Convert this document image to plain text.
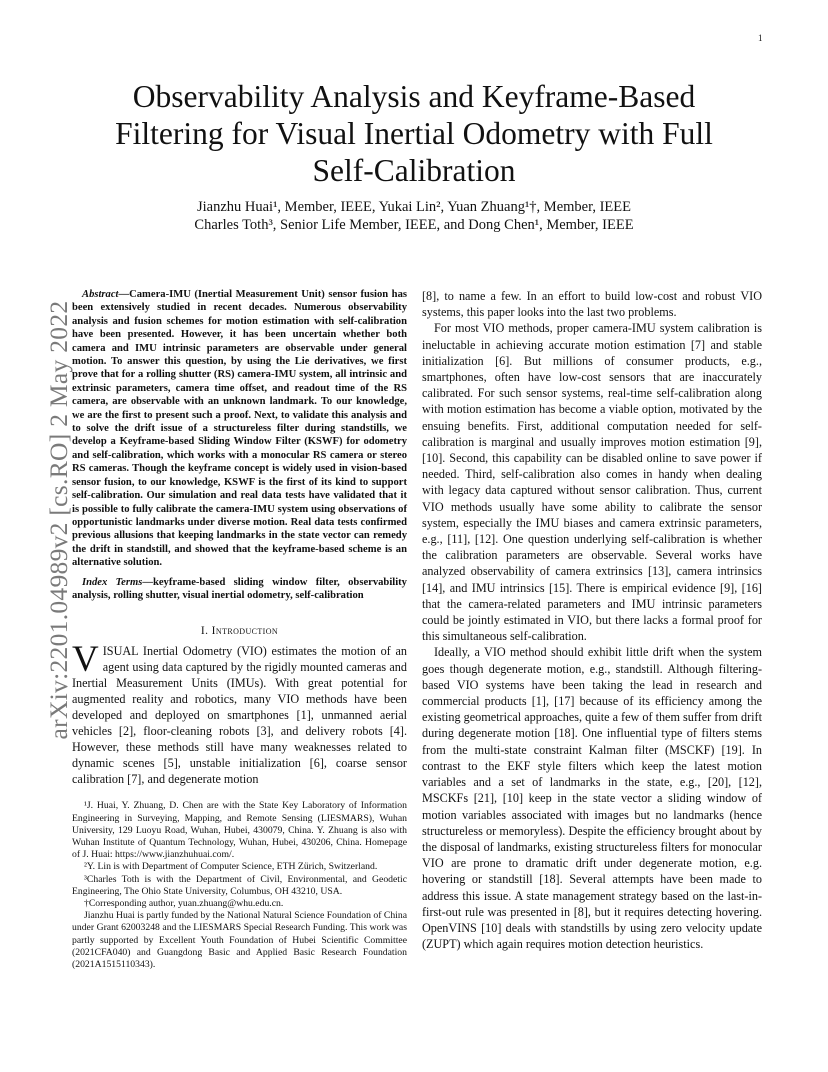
1
arXiv:2201.04989v2 [cs.RO] 2 May 2022
Observability Analysis and Keyframe-Based
Filtering for Visual Inertial Odometry with Full
Self-Calibration
Jianzhu Huai¹, Member, IEEE, Yukai Lin², Yuan Zhuang¹†, Member, IEEE
Charles Toth³, Senior Life Member, IEEE, and Dong Chen¹, Member, IEEE

Abstract—Camera-IMU (Inertial Measurement Unit) sensor fusion has been extensively studied in recent decades. Numerous observability analysis and fusion schemes for motion estimation with self-calibration have been presented. However, it has been uncertain whether both camera and IMU intrinsic parameters are observable under general motion. To answer this question, by using the Lie derivatives, we first prove that for a rolling shutter (RS) camera-IMU system, all intrinsic and extrinsic parameters, camera time offset, and readout time of the RS camera, are observable with an unknown landmark. To our knowledge, we are the first to present such a proof. Next, to validate this analysis and to solve the drift issue of a structureless filter during standstills, we develop a Keyframe-based Sliding Window Filter (KSWF) for odometry and self-calibration, which works with a monocular RS camera or stereo RS cameras. Though the keyframe concept is widely used in vision-based sensor fusion, to our knowledge, KSWF is the first of its kind to support self-calibration. Our simulation and real data tests have validated that it is possible to fully calibrate the camera-IMU system using observations of opportunistic landmarks under diverse motion. Real data tests confirmed previous allusions that keeping landmarks in the state vector can remedy the drift in standstill, and showed that the keyframe-based scheme is an alternative solution.

Index Terms—keyframe-based sliding window filter, observability analysis, rolling shutter, visual inertial odometry, self-calibration

I. Introduction

VISUAL Inertial Odometry (VIO) estimates the motion of an agent using data captured by the rigidly mounted cameras and Inertial Measurement Units (IMUs). With great potential for augmented reality and robotics, many VIO methods have been developed and deployed on smartphones [1], unmanned aerial vehicles [2], floor-cleaning robots [3], and delivery robots [4]. However, these methods still have many weaknesses related to dynamic scenes [5], unstable initialization [6], coarse sensor calibration [7], and degenerate motion

¹J. Huai, Y. Zhuang, D. Chen are with the State Key Laboratory of Information Engineering in Surveying, Mapping, and Remote Sensing (LIESMARS), Wuhan University, 129 Luoyu Road, Wuhan, Hubei, 430079, China. Y. Zhuang is also with Wuhan Institute of Quantum Technology, Wuhan, Hubei, 430206, China. Homepage of J. Huai: https://www.jianzhuhuai.com/.

²Y. Lin is with Department of Computer Science, ETH Zürich, Switzerland.

³Charles Toth is with the Department of Civil, Environmental, and Geodetic Engineering, The Ohio State University, Columbus, OH 43210, USA.

†Corresponding author, yuan.zhuang@whu.edu.cn.

Jianzhu Huai is partly funded by the National Natural Science Foundation of China under Grant 62003248 and the LIESMARS Special Research Funding. This work was partly supported by Excellent Youth Foundation of Hubei Scientific Committee (2021CFA040) and Guangdong Basic and Applied Basic Research Foundation (2021A1515110343).

[8], to name a few. In an effort to build low-cost and robust VIO systems, this paper looks into the last two problems.

For most VIO methods, proper camera-IMU system calibration is ineluctable in achieving accurate motion estimation [7] and stable initialization [6]. But millions of consumer products, e.g., smartphones, often have low-cost sensors that are inaccurately calibrated. For such sensor systems, real-time self-calibration along with motion estimation has become a viable option, motivated by the ensuing benefits. First, additional computation needed for self-calibration is marginal and usually improves motion estimation [9], [10]. Second, this capability can be disabled online to save power if needed. Third, self-calibration also comes in handy when dealing with legacy data captured without sensor calibration. Thus, current VIO methods usually have some ability to calibrate the sensor system, especially the IMU biases and camera extrinsic parameters, e.g., [11], [12]. One question underlying self-calibration is whether the calibration parameters are observable. Several works have analyzed observability of camera extrinsics [13], camera intrinsics [14], and IMU intrinsics [15]. There is empirical evidence [9], [16] that the camera-related parameters and IMU intrinsic parameters could be jointly estimated in VIO, but there lacks a formal proof for this simultaneous self-calibration.

Ideally, a VIO method should exhibit little drift when the system goes though degenerate motion, e.g., standstill. Although filtering-based VIO systems have been taking the lead in research and commercial products [1], [17] because of its efficiency among the existing geometrical approaches, quite a few of them suffer from drift during degenerate motion [18]. One influential type of filters stems from the multi-state constraint Kalman filter (MSCKF) [19]. In contrast to the EKF style filters which keep the latest motion variables and a set of landmarks in the state, e.g., [20], [12], MSCKFs [21], [10] keep in the state vector a sliding window of motion variables associated with images but no landmarks (hence structureless or memoryless). Despite the efficiency brought about by the disposal of landmarks, existing structureless filters for monocular VIO are prone to dramatic drift under degenerate motion, e.g. hovering or standstill [18]. Several attempts have been made to address this issue. A state management strategy based on the last-in-first-out rule was presented in [8], but it requires detecting hovering. OpenVINS [10] deals with standstills by using zero velocity update (ZUPT) which again requires motion detection heuristics.
